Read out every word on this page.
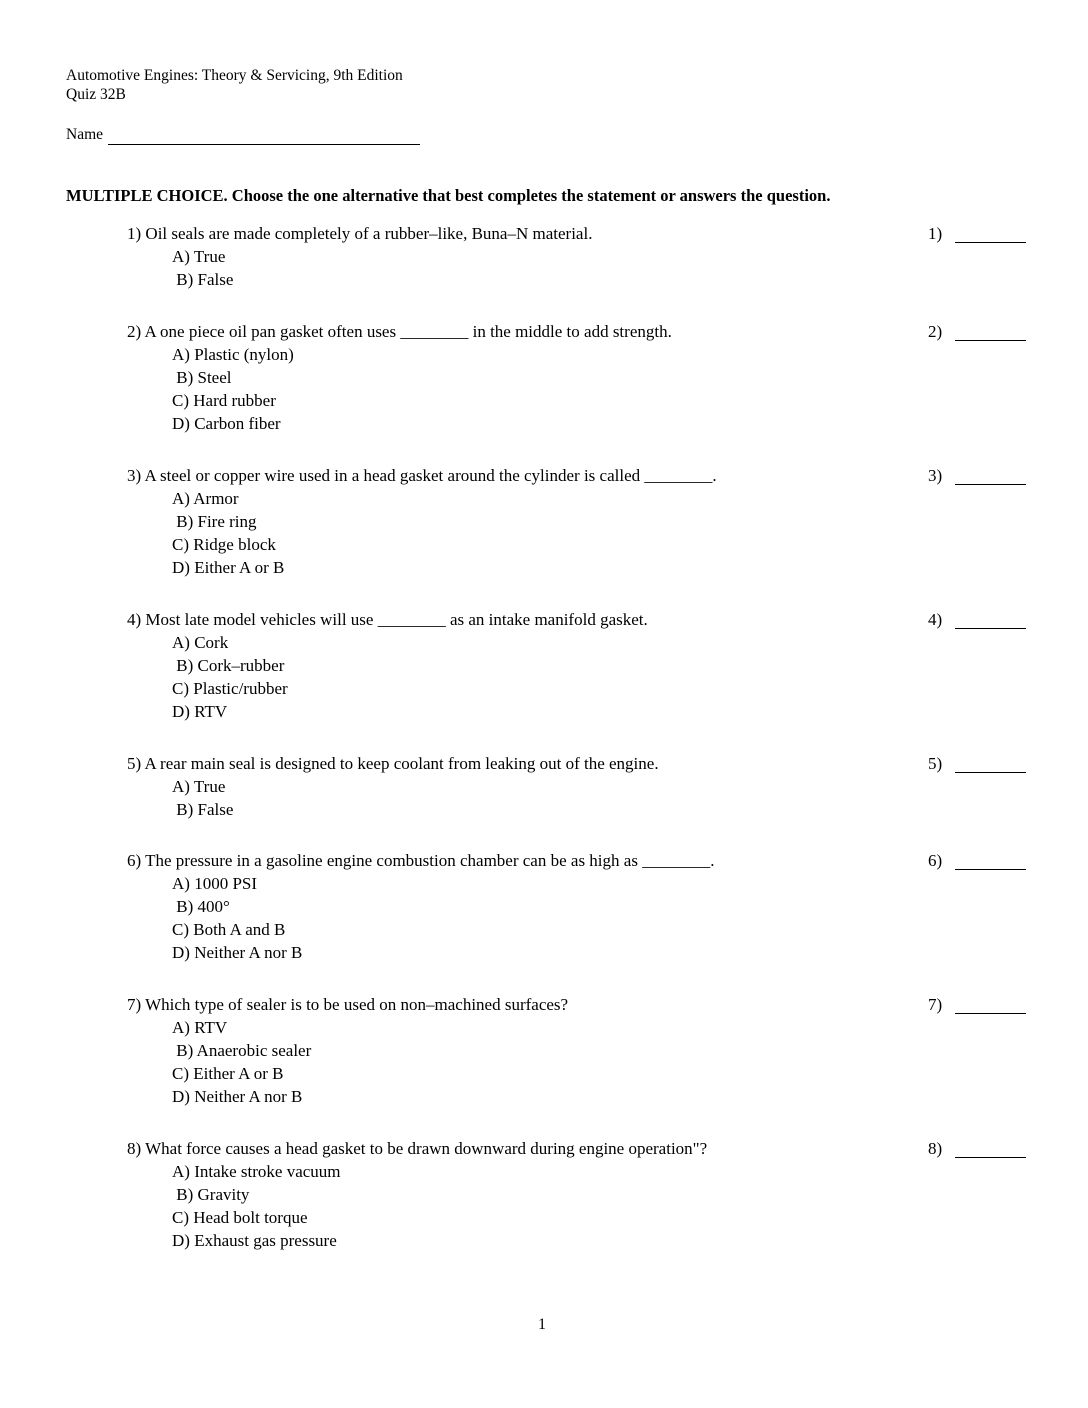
Automotive Engines: Theory & Servicing, 9th Edition
Quiz 32B
Name
MULTIPLE CHOICE. Choose the one alternative that best completes the statement or answers the question.
1) Oil seals are made completely of a rubber–like, Buna–N material.
A) True
B) False
1)
2) A one piece oil pan gasket often uses ________ in the middle to add strength.
A) Plastic (nylon)
B) Steel
C) Hard rubber
D) Carbon fiber
2)
3) A steel or copper wire used in a head gasket around the cylinder is called ________.
A) Armor
B) Fire ring
C) Ridge block
D) Either A or B
3)
4) Most late model vehicles will use ________ as an intake manifold gasket.
A) Cork
B) Cork–rubber
C) Plastic/rubber
D) RTV
4)
5) A rear main seal is designed to keep coolant from leaking out of the engine.
A) True
B) False
5)
6) The pressure in a gasoline engine combustion chamber can be as high as ________.
A) 1000 PSI
B) 400°
C) Both A and B
D) Neither A nor B
6)
7) Which type of sealer is to be used on non–machined surfaces?
A) RTV
B) Anaerobic sealer
C) Either A or B
D) Neither A nor B
7)
8) What force causes a head gasket to be drawn downward during engine operation"?
A) Intake stroke vacuum
B) Gravity
C) Head bolt torque
D) Exhaust gas pressure
8)
1
